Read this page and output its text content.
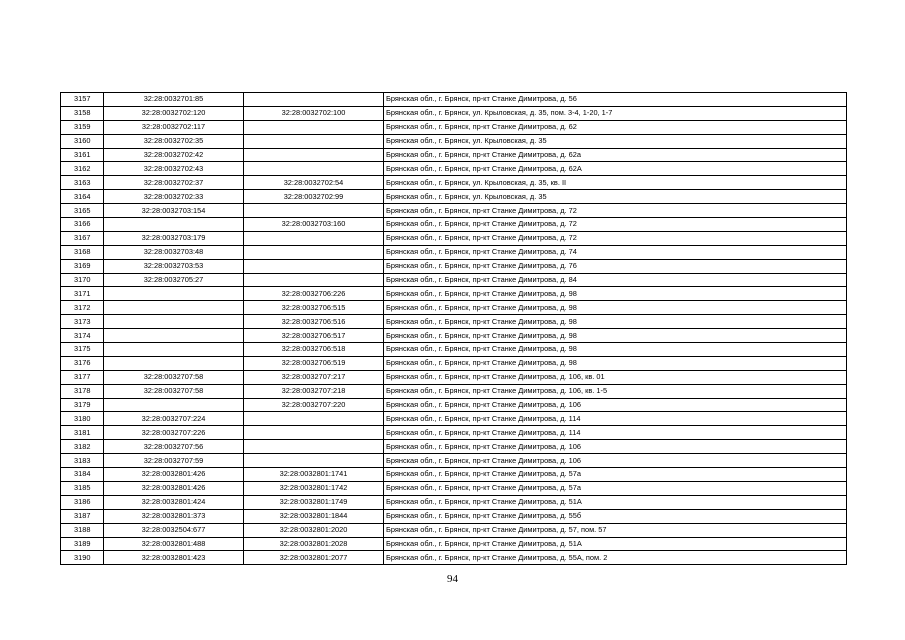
3157	32:28:0032701:85		Брянская обл., г. Брянск, пр-кт Станке Димитрова, д. 56
3158	32:28:0032702:120	32:28:0032702:100	Брянская обл., г. Брянск, ул. Крыловская, д. 35, пом. 3-4, 1-20, 1-7
3159	32:28:0032702:117		Брянская обл., г. Брянск, пр-кт Станке Димитрова, д. 62
3160	32:28:0032702:35		Брянская обл., г. Брянск, ул. Крыловская, д. 35
3161	32:28:0032702:42		Брянская обл., г. Брянск, пр-кт Станке Димитрова, д. 62а
3162	32:28:0032702:43		Брянская обл., г. Брянск, пр-кт Станке Димитрова, д. 62А
3163	32:28:0032702:37	32:28:0032702:54	Брянская обл., г. Брянск, ул. Крыловская, д. 35, кв. II
3164	32:28:0032702:33	32:28:0032702:99	Брянская обл., г. Брянск, ул. Крыловская, д. 35
3165	32:28:0032703:154		Брянская обл., г. Брянск, пр-кт Станке Димитрова, д. 72
3166		32:28:0032703:160	Брянская обл., г. Брянск, пр-кт Станке Димитрова, д. 72
3167	32:28:0032703:179		Брянская обл., г. Брянск, пр-кт Станке Димитрова, д. 72
3168	32:28:0032703:48		Брянская обл., г. Брянск, пр-кт Станке Димитрова, д. 74
3169	32:28:0032703:53		Брянская обл., г. Брянск, пр-кт Станке Димитрова, д. 76
3170	32:28:0032705:27		Брянская обл., г. Брянск, пр-кт Станке Димитрова, д. 84
3171		32:28:0032706:226	Брянская обл., г. Брянск, пр-кт Станке Димитрова, д. 98
3172		32:28:0032706:515	Брянская обл., г. Брянск, пр-кт Станке Димитрова, д. 98
3173		32:28:0032706:516	Брянская обл., г. Брянск, пр-кт Станке Димитрова, д. 98
3174		32:28:0032706:517	Брянская обл., г. Брянск, пр-кт Станке Димитрова, д. 98
3175		32:28:0032706:518	Брянская обл., г. Брянск, пр-кт Станке Димитрова, д. 98
3176		32:28:0032706:519	Брянская обл., г. Брянск, пр-кт Станке Димитрова, д. 98
3177	32:28:0032707:58	32:28:0032707:217	Брянская обл., г. Брянск, пр-кт Станке Димитрова, д. 106, кв. 01
3178	32:28:0032707:58	32:28:0032707:218	Брянская обл., г. Брянск, пр-кт Станке Димитрова, д. 106, кв. 1-5
3179		32:28:0032707:220	Брянская обл., г. Брянск, пр-кт Станке Димитрова, д. 106
3180	32:28:0032707:224		Брянская обл., г. Брянск, пр-кт Станке Димитрова, д. 114
3181	32:28:0032707:226		Брянская обл., г. Брянск, пр-кт Станке Димитрова, д. 114
3182	32:28:0032707:56		Брянская обл., г. Брянск, пр-кт Станке Димитрова, д. 106
3183	32:28:0032707:59		Брянская обл., г. Брянск, пр-кт Станке Димитрова, д. 106
3184	32:28:0032801:426	32:28:0032801:1741	Брянская обл., г. Брянск, пр-кт Станке Димитрова, д. 57а
3185	32:28:0032801:426	32:28:0032801:1742	Брянская обл., г. Брянск, пр-кт Станке Димитрова, д. 57а
3186	32:28:0032801:424	32:28:0032801:1749	Брянская обл., г. Брянск, пр-кт Станке Димитрова, д. 51А
3187	32:28:0032801:373	32:28:0032801:1844	Брянская обл., г. Брянск, пр-кт Станке Димитрова, д. 55б
3188	32:28:0032504:677	32:28:0032801:2020	Брянская обл., г. Брянск, пр-кт Станке Димитрова, д. 57, пом. 57
3189	32:28:0032801:488	32:28:0032801:2028	Брянская обл., г. Брянск, пр-кт Станке Димитрова, д. 51А
3190	32:28:0032801:423	32:28:0032801:2077	Брянская обл., г. Брянск, пр-кт Станке Димитрова, д. 55А, пом. 2
94
